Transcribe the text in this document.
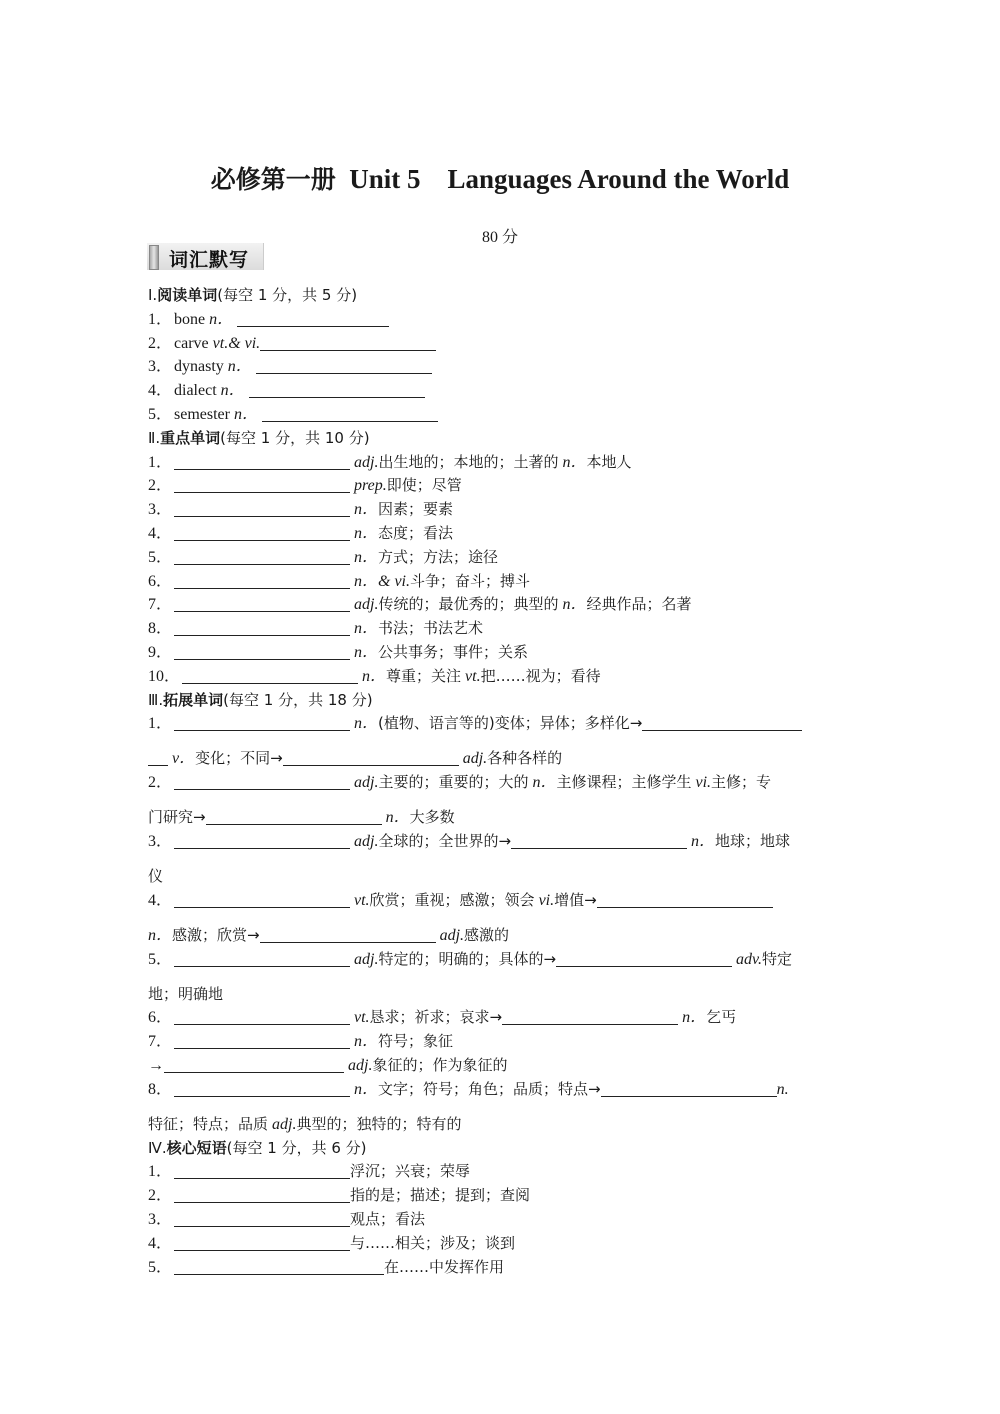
必修第一册 Unit 5    Languages Around the World
80 分
词汇默写
Ⅰ.阅读单词(每空 1 分，共 5 分)
1． bone n．
2． carve vt.& vi.
3． dynasty n．
4． dialect n．
5． semester n．
Ⅱ.重点单词(每空 1 分，共 10 分)
1．	adj.出生地的；本地的；土著的 n．本地人
2．	prep.即使；尽管
3．	n．因素；要素
4．	n．态度；看法
5．	n．方式；方法；途径
6．	n．& vi.斗争；奋斗；搏斗
7．	adj.传统的；最优秀的；典型的 n．经典作品；名著
8．	n．书法；书法艺术
9．	n．公共事务；事件；关系
10．	n．尊重；关注 vt.把……视为；看待
Ⅲ.拓展单词(每空 1 分，共 18 分)
1．	n．(植物、语言等的)变体；异体；多样化→
v．变化；不同→	adj.各种各样的
2．	adj.主要的；重要的；大的 n．主修课程；主修学生 vi.主修；专
门研究→	n．大多数
3．	adj.全球的；全世界的→	n．地球；地球
仪
4．	vt.欣赏；重视；感激；领会 vi.增值→
n．感激；欣赏→	adj.感激的
5．	adj.特定的；明确的；具体的→	adv.特定
地；明确地
6．	vt.恳求；祈求；哀求→	n．乞丐
7．	n．符号；象征
→	adj.象征的；作为象征的
8．	n．文字；符号；角色；品质；特点→	n.
特征；特点；品质 adj.典型的；独特的；特有的
Ⅳ.核心短语(每空 1 分，共 6 分)
1．	浮沉；兴衰；荣辱
2．	指的是；描述；提到；查阅
3．	观点；看法
4．	与……相关；涉及；谈到
5．	在……中发挥作用
